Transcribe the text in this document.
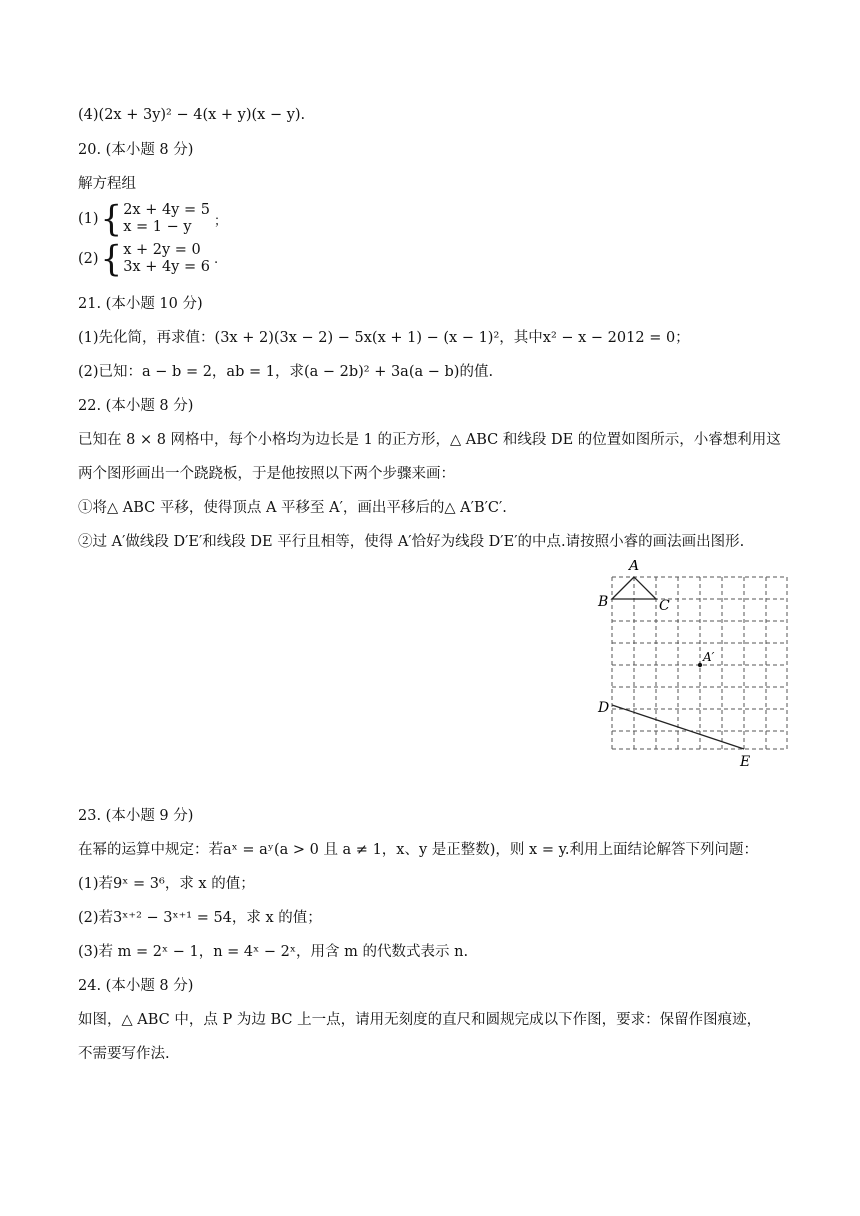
(4)(2x + 3y)² − 4(x + y)(x − y).
20. (本小题 8 分)
解方程组
(1) { 2x + 4y = 5
x = 1 − y	；
(2) { x + 2y = 0
3x + 4y = 6 .
21. (本小题 10 分)
(1)先化简，再求值：(3x + 2)(3x − 2) − 5x(x + 1) − (x − 1)²，其中x² − x − 2012 = 0；
(2)已知：a − b = 2，ab = 1，求(a − 2b)² + 3a(a − b)的值.
22. (本小题 8 分)
已知在 8 × 8 网格中，每个小格均为边长是 1 的正方形，△ ABC 和线段 DE 的位置如图所示，小睿想利用这
两个图形画出一个跷跷板，于是他按照以下两个步骤来画：
①将△ ABC 平移，使得顶点 A 平移至 A′，画出平移后的△ A′B′C′.
②过 A′做线段 D′E′和线段 DE 平行且相等，使得 A′恰好为线段 D′E′的中点.请按照小睿的画法画出图形.
A
B	C
A′
D
E
23. (本小题 9 分)
在幂的运算中规定：若aˣ = aʸ(a > 0 且 a ≠ 1，x、y 是正整数)，则 x = y.利用上面结论解答下列问题：
(1)若9ˣ = 3⁶，求 x 的值；
(2)若3ˣ⁺² − 3ˣ⁺¹ = 54，求 x 的值；
(3)若 m = 2ˣ − 1，n = 4ˣ − 2ˣ，用含 m 的代数式表示 n.
24. (本小题 8 分)
如图，△ ABC 中，点 P 为边 BC 上一点，请用无刻度的直尺和圆规完成以下作图，要求：保留作图痕迹，
不需要写作法.
